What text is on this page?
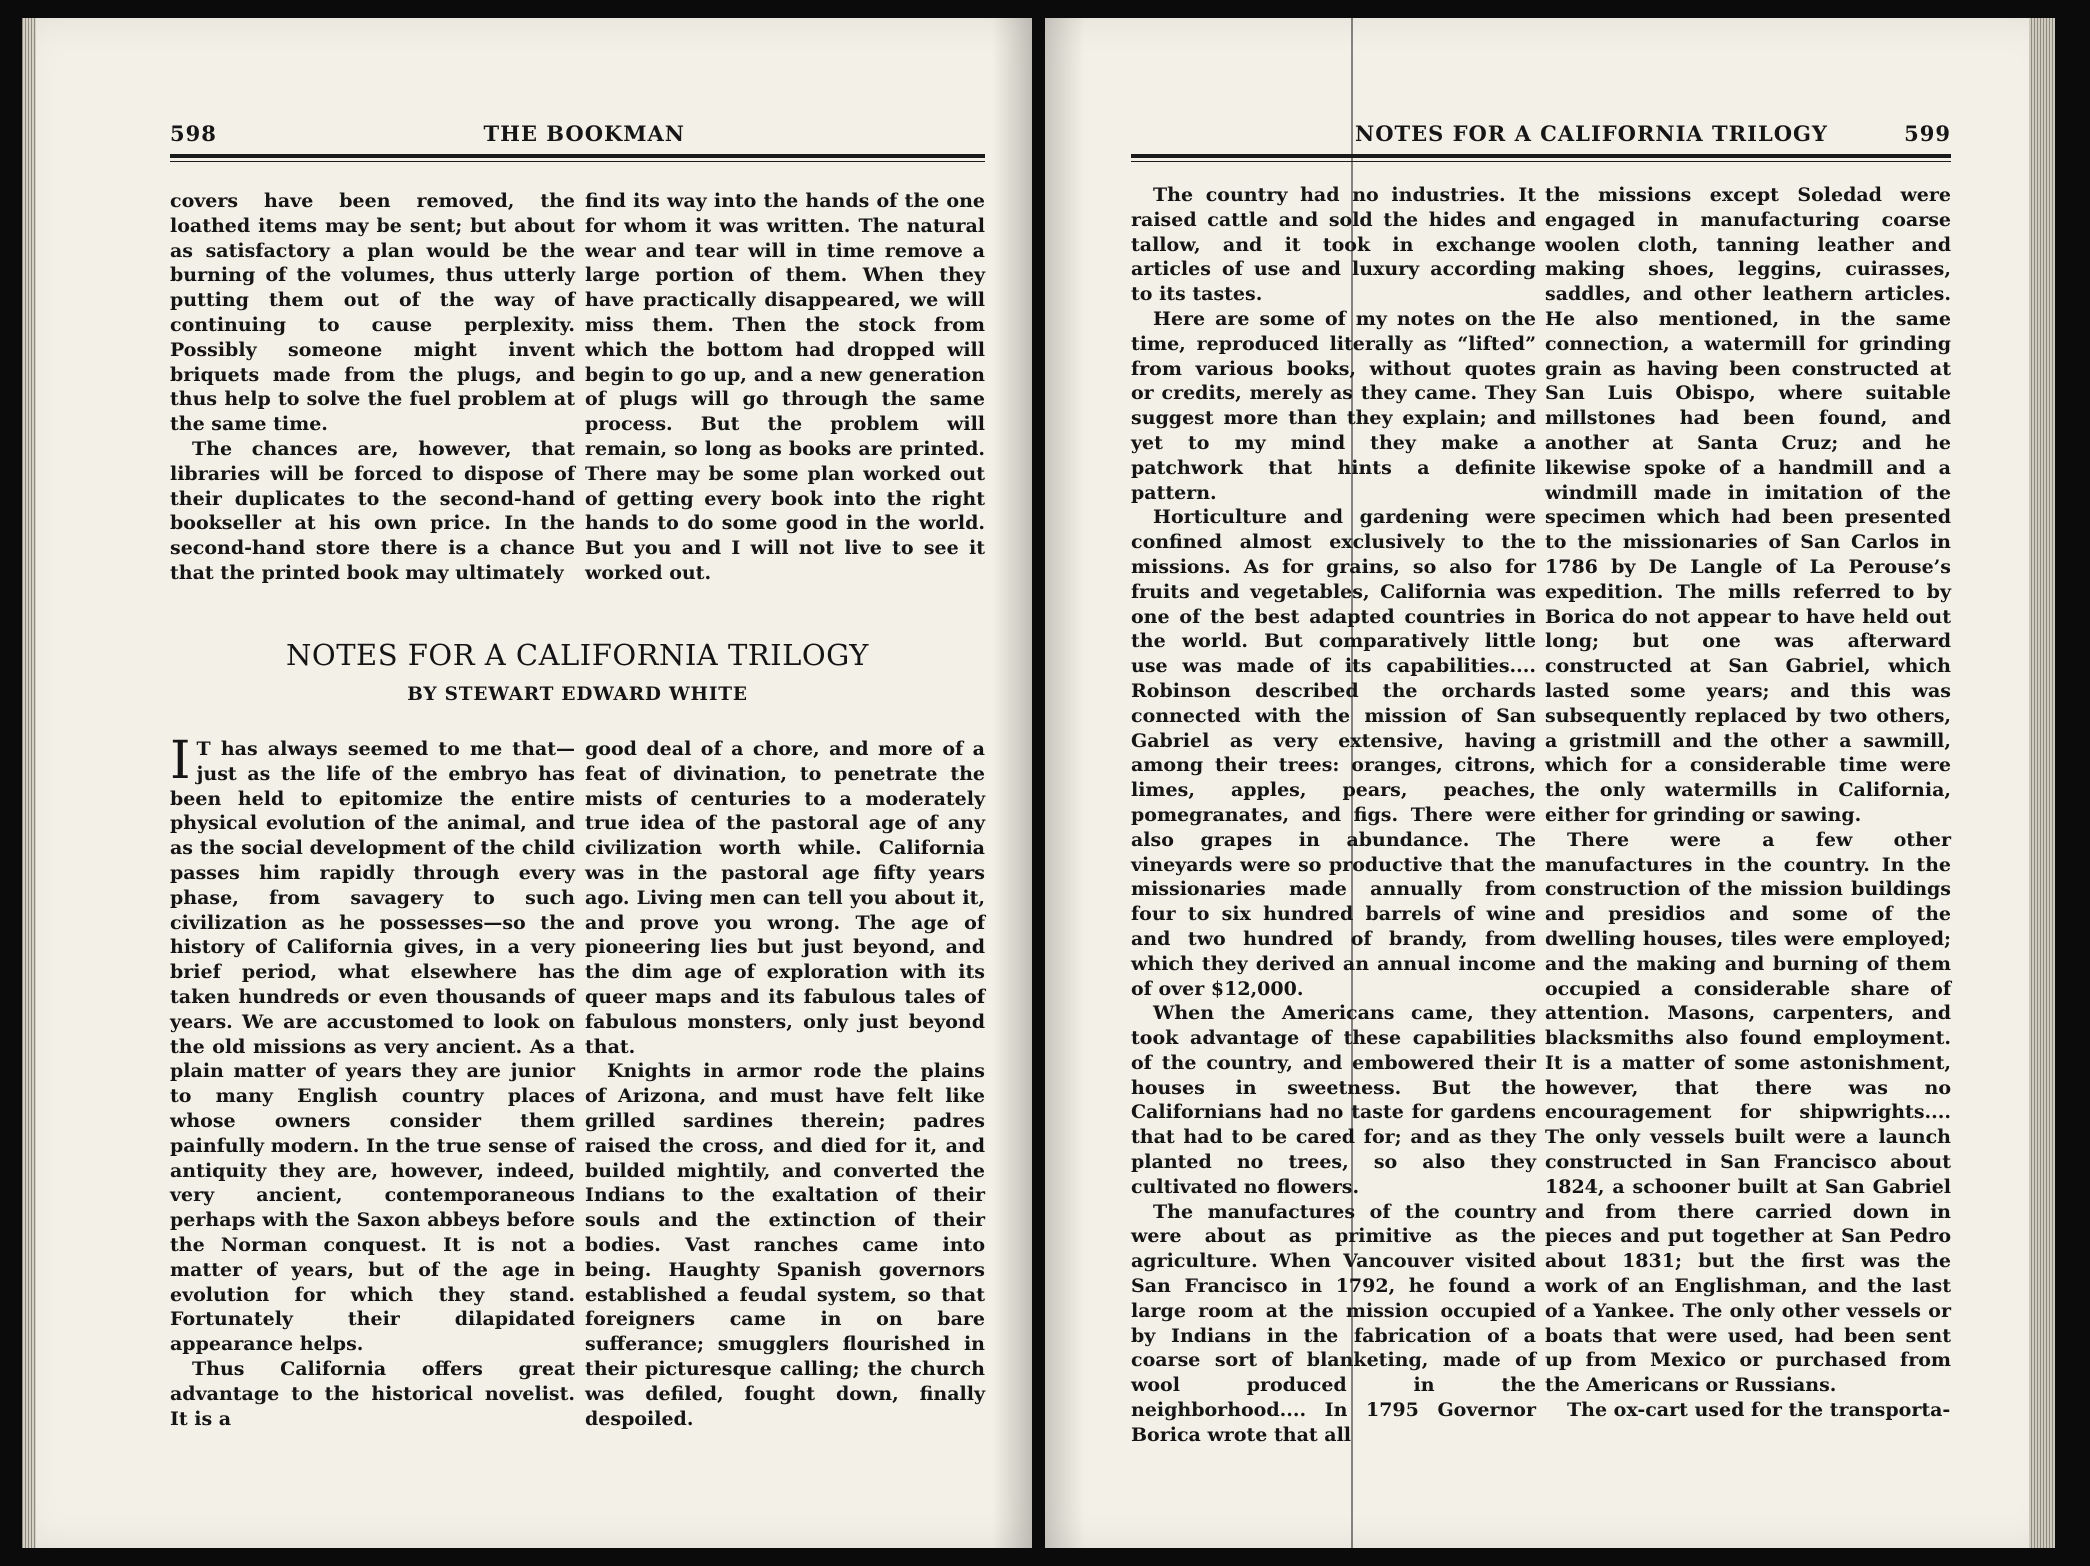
598	THE BOOKMAN

covers have been removed, the loathed items may be sent; but about as satisfactory a plan would be the burning of the volumes, thus utterly putting them out of the way of continuing to cause perplexity. Possibly someone might invent briquets made from the plugs, and thus help to solve the fuel problem at the same time.

The chances are, however, that libraries will be forced to dispose of their duplicates to the second-hand bookseller at his own price. In the second-hand store there is a chance that the printed book may ultimately

find its way into the hands of the one for whom it was written. The natural wear and tear will in time remove a large portion of them. When they have practically disappeared, we will miss them. Then the stock from which the bottom had dropped will begin to go up, and a new generation of plugs will go through the same process. But the problem will remain, so long as books are printed. There may be some plan worked out of getting every book into the right hands to do some good in the world. But you and I will not live to see it worked out.

NOTES FOR A CALIFORNIA TRILOGY
BY STEWART EDWARD WHITE

I T has always seemed to me that—just as the life of the embryo has been held to epitomize the entire physical evolution of the animal, and as the social development of the child passes him rapidly through every phase, from savagery to such civilization as he possesses—so the history of California gives, in a very brief period, what elsewhere has taken hundreds or even thousands of years. We are accustomed to look on the old missions as very ancient. As a plain matter of years they are junior to many English country places whose owners consider them painfully modern. In the true sense of antiquity they are, however, indeed, very ancient, contemporaneous perhaps with the Saxon abbeys before the Norman conquest. It is not a matter of years, but of the age in evolution for which they stand. Fortunately their dilapidated appearance helps.

Thus California offers great advantage to the historical novelist. It is a

good deal of a chore, and more of a feat of divination, to penetrate the mists of centuries to a moderately true idea of the pastoral age of any civilization worth while. California was in the pastoral age fifty years ago. Living men can tell you about it, and prove you wrong. The age of pioneering lies but just beyond, and the dim age of exploration with its queer maps and its fabulous tales of fabulous monsters, only just beyond that.

Knights in armor rode the plains of Arizona, and must have felt like grilled sardines therein; padres raised the cross, and died for it, and builded mightily, and converted the Indians to the exaltation of their souls and the extinction of their bodies. Vast ranches came into being. Haughty Spanish governors established a feudal system, so that foreigners came in on bare sufferance; smugglers flourished in their picturesque calling; the church was defiled, fought down, finally despoiled.

NOTES FOR A CALIFORNIA TRILOGY	599

The country had no industries. It raised cattle and sold the hides and tallow, and it took in exchange articles of use and luxury according to its tastes.

Here are some of my notes on the time, reproduced literally as “lifted” from various books, without quotes or credits, merely as they came. They suggest more than they explain; and yet to my mind they make a patchwork that hints a definite pattern.

Horticulture and gardening were confined almost exclusively to the missions. As for grains, so also for fruits and vegetables, California was one of the best adapted countries in the world. But comparatively little use was made of its capabilities.... Robinson described the orchards connected with the mission of San Gabriel as very extensive, having among their trees: oranges, citrons, limes, apples, pears, peaches, pomegranates, and figs. There were also grapes in abundance. The vineyards were so productive that the missionaries made annually from four to six hundred barrels of wine and two hundred of brandy, from which they derived an annual income of over $12,000.

When the Americans came, they took advantage of these capabilities of the country, and embowered their houses in sweetness. But the Californians had no taste for gardens that had to be cared for; and as they planted no trees, so also they cultivated no flowers.

The manufactures of the country were about as primitive as the agriculture. When Vancouver visited San Francisco in 1792, he found a large room at the mission occupied by Indians in the fabrication of a coarse sort of blanketing, made of wool produced in the neighborhood.... In 1795 Governor Borica wrote that all

the missions except Soledad were engaged in manufacturing coarse woolen cloth, tanning leather and making shoes, leggins, cuirasses, saddles, and other leathern articles. He also mentioned, in the same connection, a watermill for grinding grain as having been constructed at San Luis Obispo, where suitable millstones had been found, and another at Santa Cruz; and he likewise spoke of a handmill and a windmill made in imitation of the specimen which had been presented to the missionaries of San Carlos in 1786 by De Langle of La Perouse’s expedition. The mills referred to by Borica do not appear to have held out long; but one was afterward constructed at San Gabriel, which lasted some years; and this was subsequently replaced by two others, a gristmill and the other a sawmill, which for a considerable time were the only watermills in California, either for grinding or sawing.

There were a few other manufactures in the country. In the construction of the mission buildings and presidios and some of the dwelling houses, tiles were employed; and the making and burning of them occupied a considerable share of attention. Masons, carpenters, and blacksmiths also found employment. It is a matter of some astonishment, however, that there was no encouragement for shipwrights.... The only vessels built were a launch constructed in San Francisco about 1824, a schooner built at San Gabriel and from there carried down in pieces and put together at San Pedro about 1831; but the first was the work of an Englishman, and the last of a Yankee. The only other vessels or boats that were used, had been sent up from Mexico or purchased from the Americans or Russians.

The ox-cart used for the transporta-
